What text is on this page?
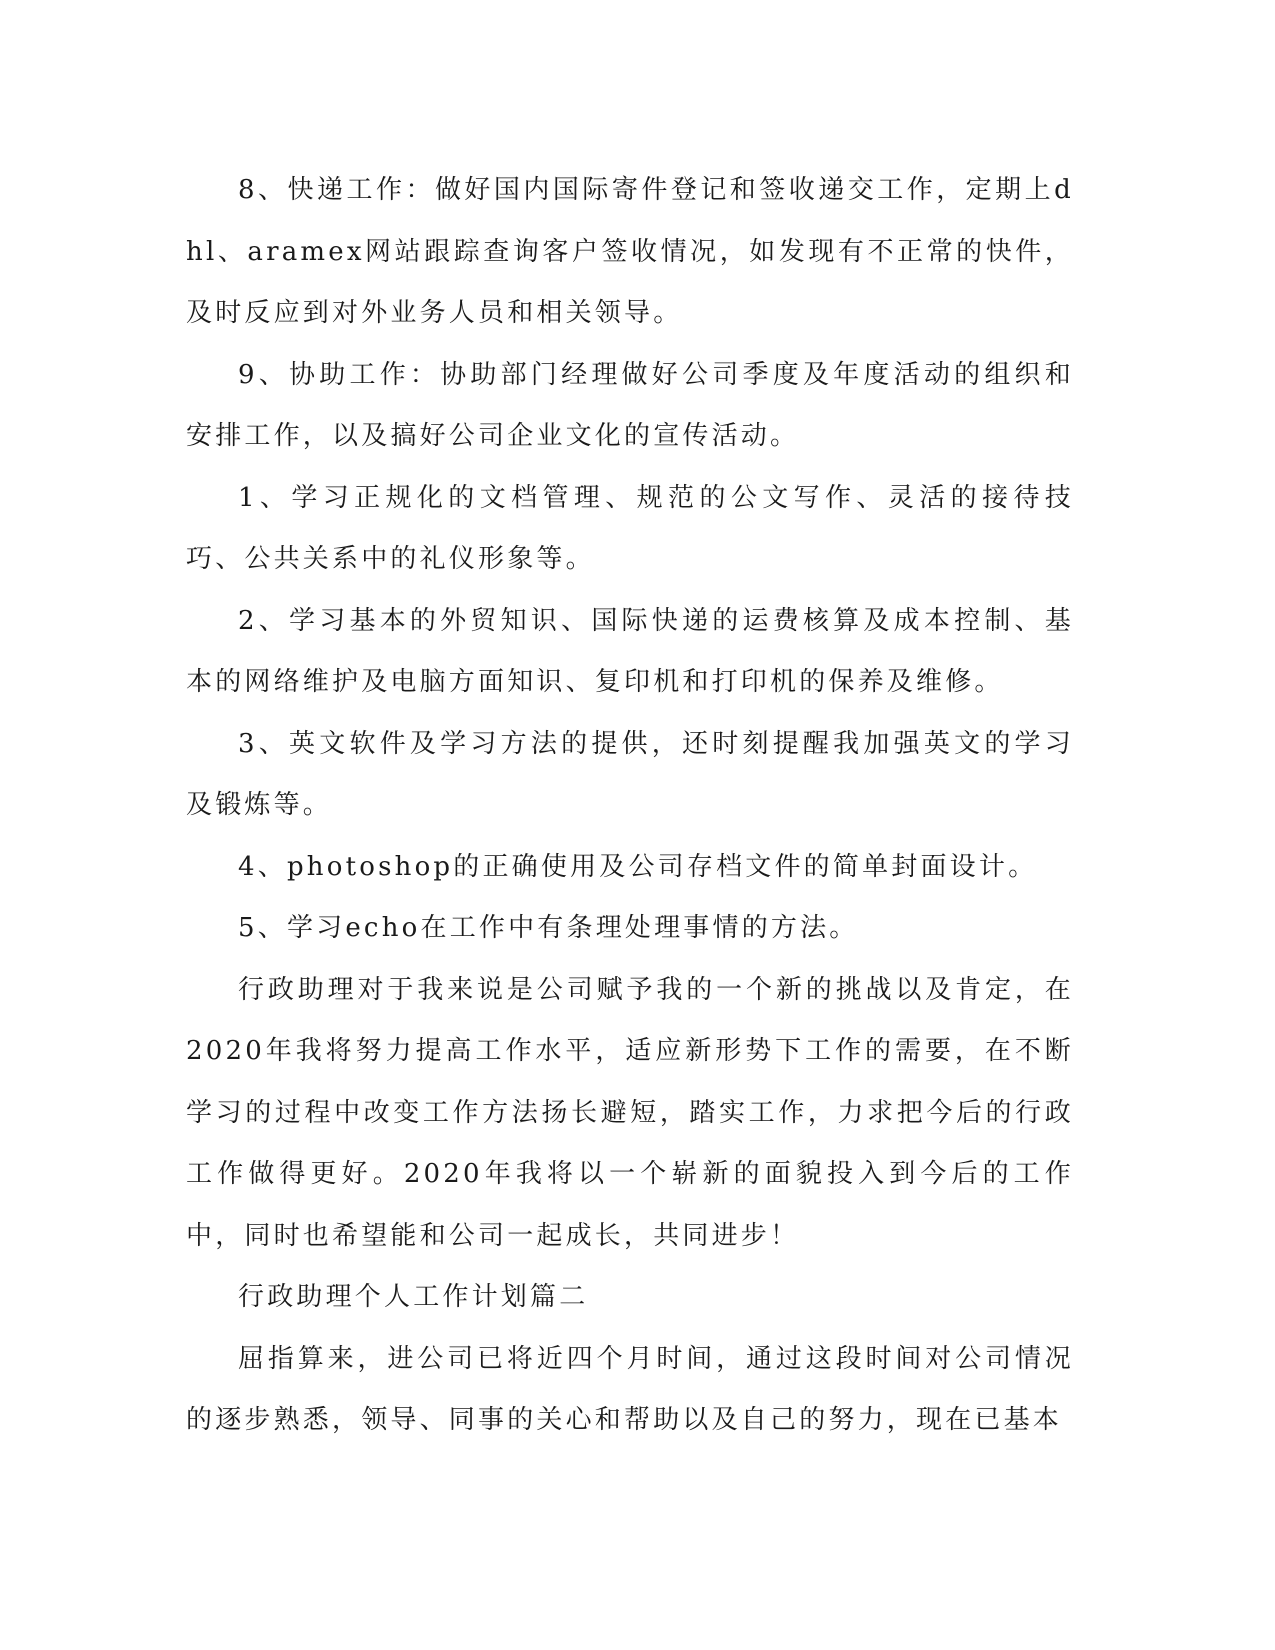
8、快递工作：做好国内国际寄件登记和签收递交工作，定期上dhl、aramex网站跟踪查询客户签收情况，如发现有不正常的快件，及时反应到对外业务人员和相关领导。

9、协助工作：协助部门经理做好公司季度及年度活动的组织和安排工作，以及搞好公司企业文化的宣传活动。

1、学习正规化的文档管理、规范的公文写作、灵活的接待技巧、公共关系中的礼仪形象等。

2、学习基本的外贸知识、国际快递的运费核算及成本控制、基本的网络维护及电脑方面知识、复印机和打印机的保养及维修。

3、英文软件及学习方法的提供，还时刻提醒我加强英文的学习及锻炼等。

4、photoshop的正确使用及公司存档文件的简单封面设计。

5、学习echo在工作中有条理处理事情的方法。

行政助理对于我来说是公司赋予我的一个新的挑战以及肯定，在2020年我将努力提高工作水平，适应新形势下工作的需要，在不断学习的过程中改变工作方法扬长避短，踏实工作，力求把今后的行政工作做得更好。2020年我将以一个崭新的面貌投入到今后的工作中，同时也希望能和公司一起成长，共同进步！

行政助理个人工作计划篇二

屈指算来，进公司已将近四个月时间，通过这段时间对公司情况的逐步熟悉，领导、同事的关心和帮助以及自己的努力，现在已基本
